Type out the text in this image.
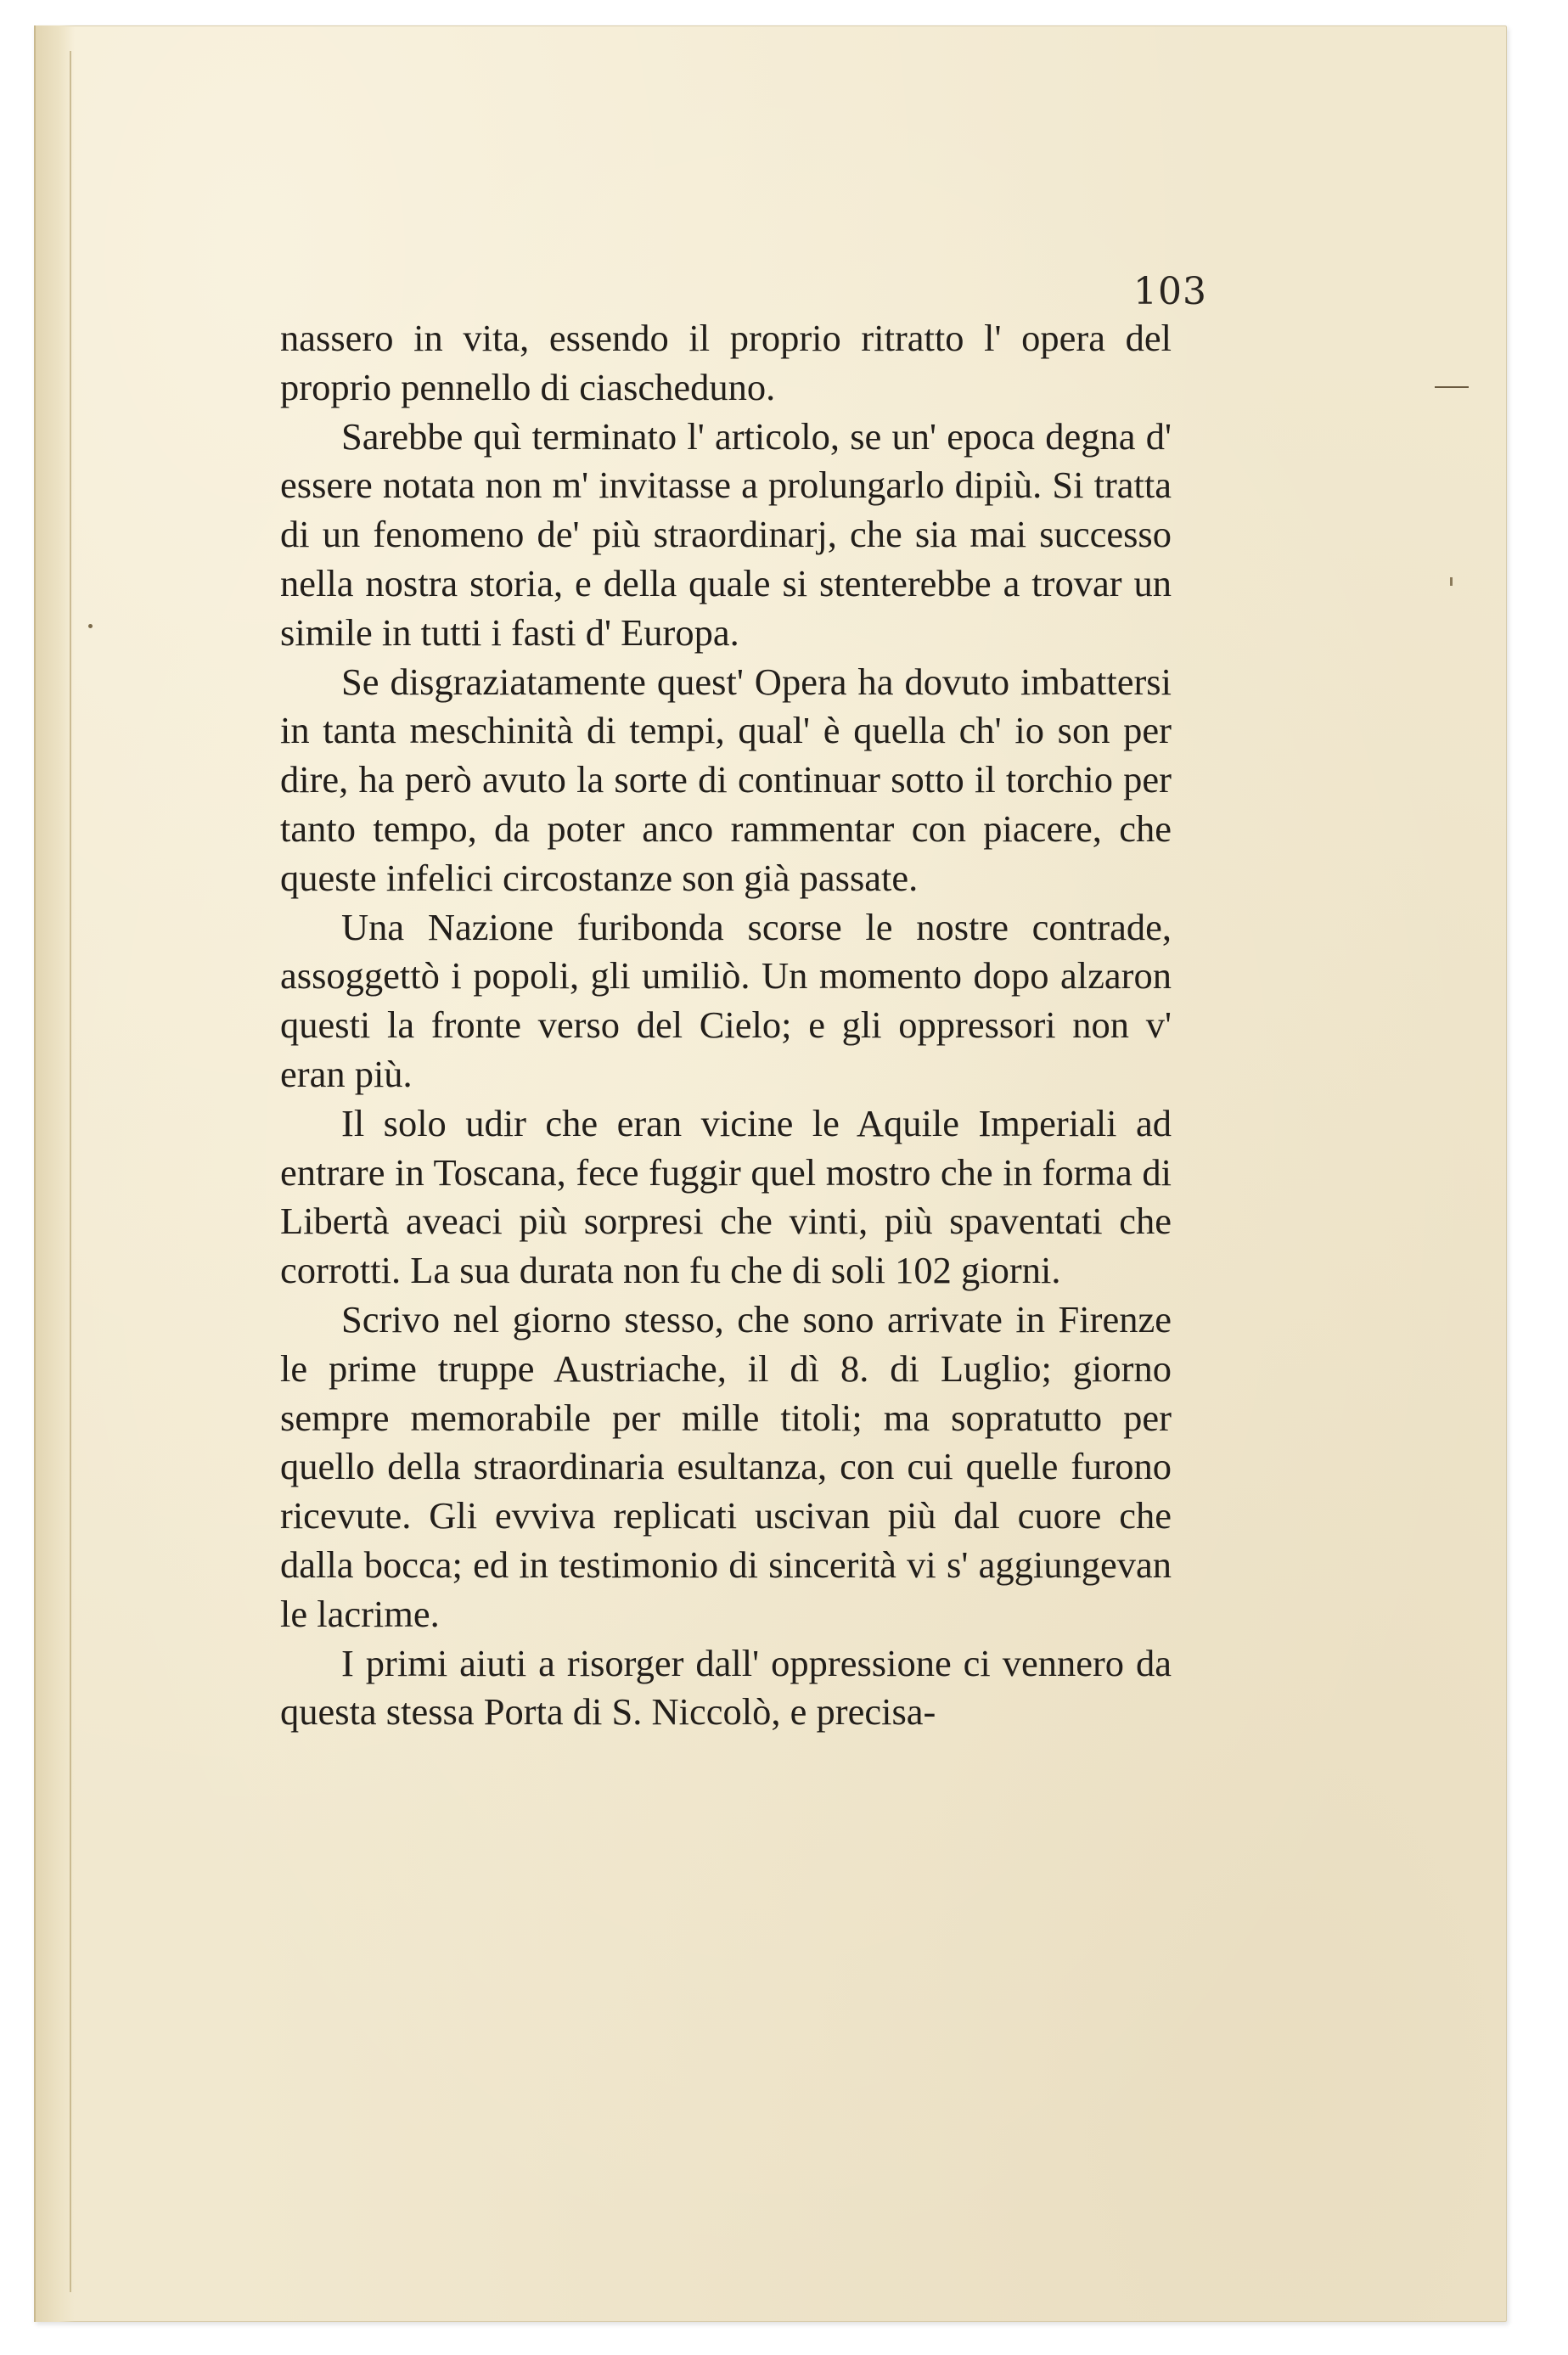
103

nassero in vita, essendo il proprio ritratto l' opera del proprio pennello di ciascheduno.

Sarebbe quì terminato l' articolo, se un' epoca degna d' essere notata non m' invitasse a prolungarlo dipiù. Si tratta di un fenomeno de' più straordinarj, che sia mai successo nella nostra storia, e della quale si stenterebbe a trovar un simile in tutti i fasti d' Europa.

Se disgraziatamente quest' Opera ha dovuto imbattersi in tanta meschinità di tempi, qual' è quella ch' io son per dire, ha però avuto la sorte di continuar sotto il torchio per tanto tempo, da poter anco rammentar con piacere, che queste infelici circostanze son già passate.

Una Nazione furibonda scorse le nostre contrade, assoggettò i popoli, gli umiliò. Un momento dopo alzaron questi la fronte verso del Cielo; e gli oppressori non v' eran più.

Il solo udir che eran vicine le Aquile Imperiali ad entrare in Toscana, fece fuggir quel mostro che in forma di Libertà aveaci più sorpresi che vinti, più spaventati che corrotti. La sua durata non fu che di soli 102 giorni.

Scrivo nel giorno stesso, che sono arrivate in Firenze le prime truppe Austriache, il dì 8. di Luglio; giorno sempre memorabile per mille titoli; ma sopratutto per quello della straordinaria esultanza, con cui quelle furono ricevute. Gli evviva replicati uscivan più dal cuore che dalla bocca; ed in testimonio di sincerità vi s' aggiungevan le lacrime.

I primi aiuti a risorger dall' oppressione ci vennero da questa stessa Porta di S. Niccolò, e precisa-
